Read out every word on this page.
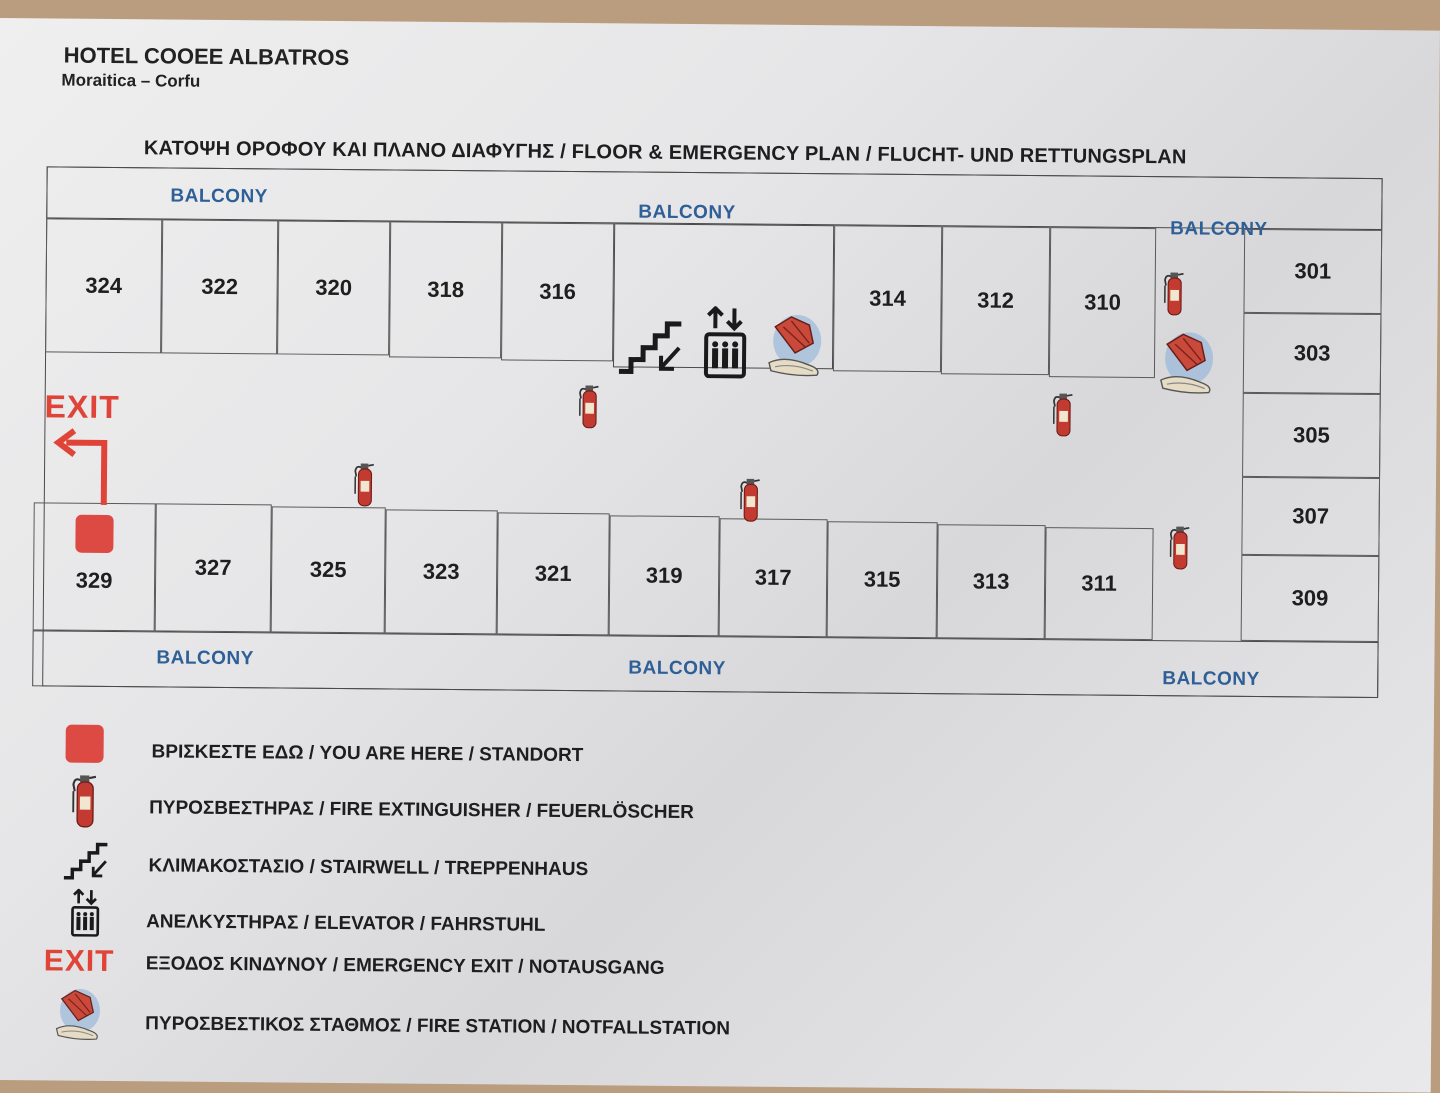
HOTEL COOEE ALBATROS
Moraitica – Corfu
ΚΑΤΟΨΗ ΟΡΟΦΟΥ ΚΑΙ ΠΛΑΝΟ ΔΙΑΦΥΓΗΣ / FLOOR & EMERGENCY PLAN / FLUCHT- UND RETTUNGSPLAN
BALCONY
BALCONY
BALCONY
BALCONY	BALCONY	BALCONY
324	322	320	318	316	314	312	310
301
303
305
307
309
329
327	325	323	321	319	317	315	313	311
EXIT
ΒΡΙΣΚΕΣΤΕ ΕΔΩ / YOU ARE HERE / STANDORT
ΠΥΡΟΣΒΕΣΤΗΡΑΣ / FIRE EXTINGUISHER / FEUERLÖSCHER
ΚΛΙΜΑΚΟΣΤΑΣΙΟ / STAIRWELL / TREPPENHAUS
ΑΝΕΛΚΥΣΤΗΡΑΣ / ELEVATOR / FAHRSTUHL
EXIT ΕΞΟΔΟΣ ΚΙΝΔΥΝΟΥ / EMERGENCY EXIT / NOTAUSGANG
ΠΥΡΟΣΒΕΣΤΙΚΟΣ ΣΤΑΘΜΟΣ / FIRE STATION / NOTFALLSTATION
